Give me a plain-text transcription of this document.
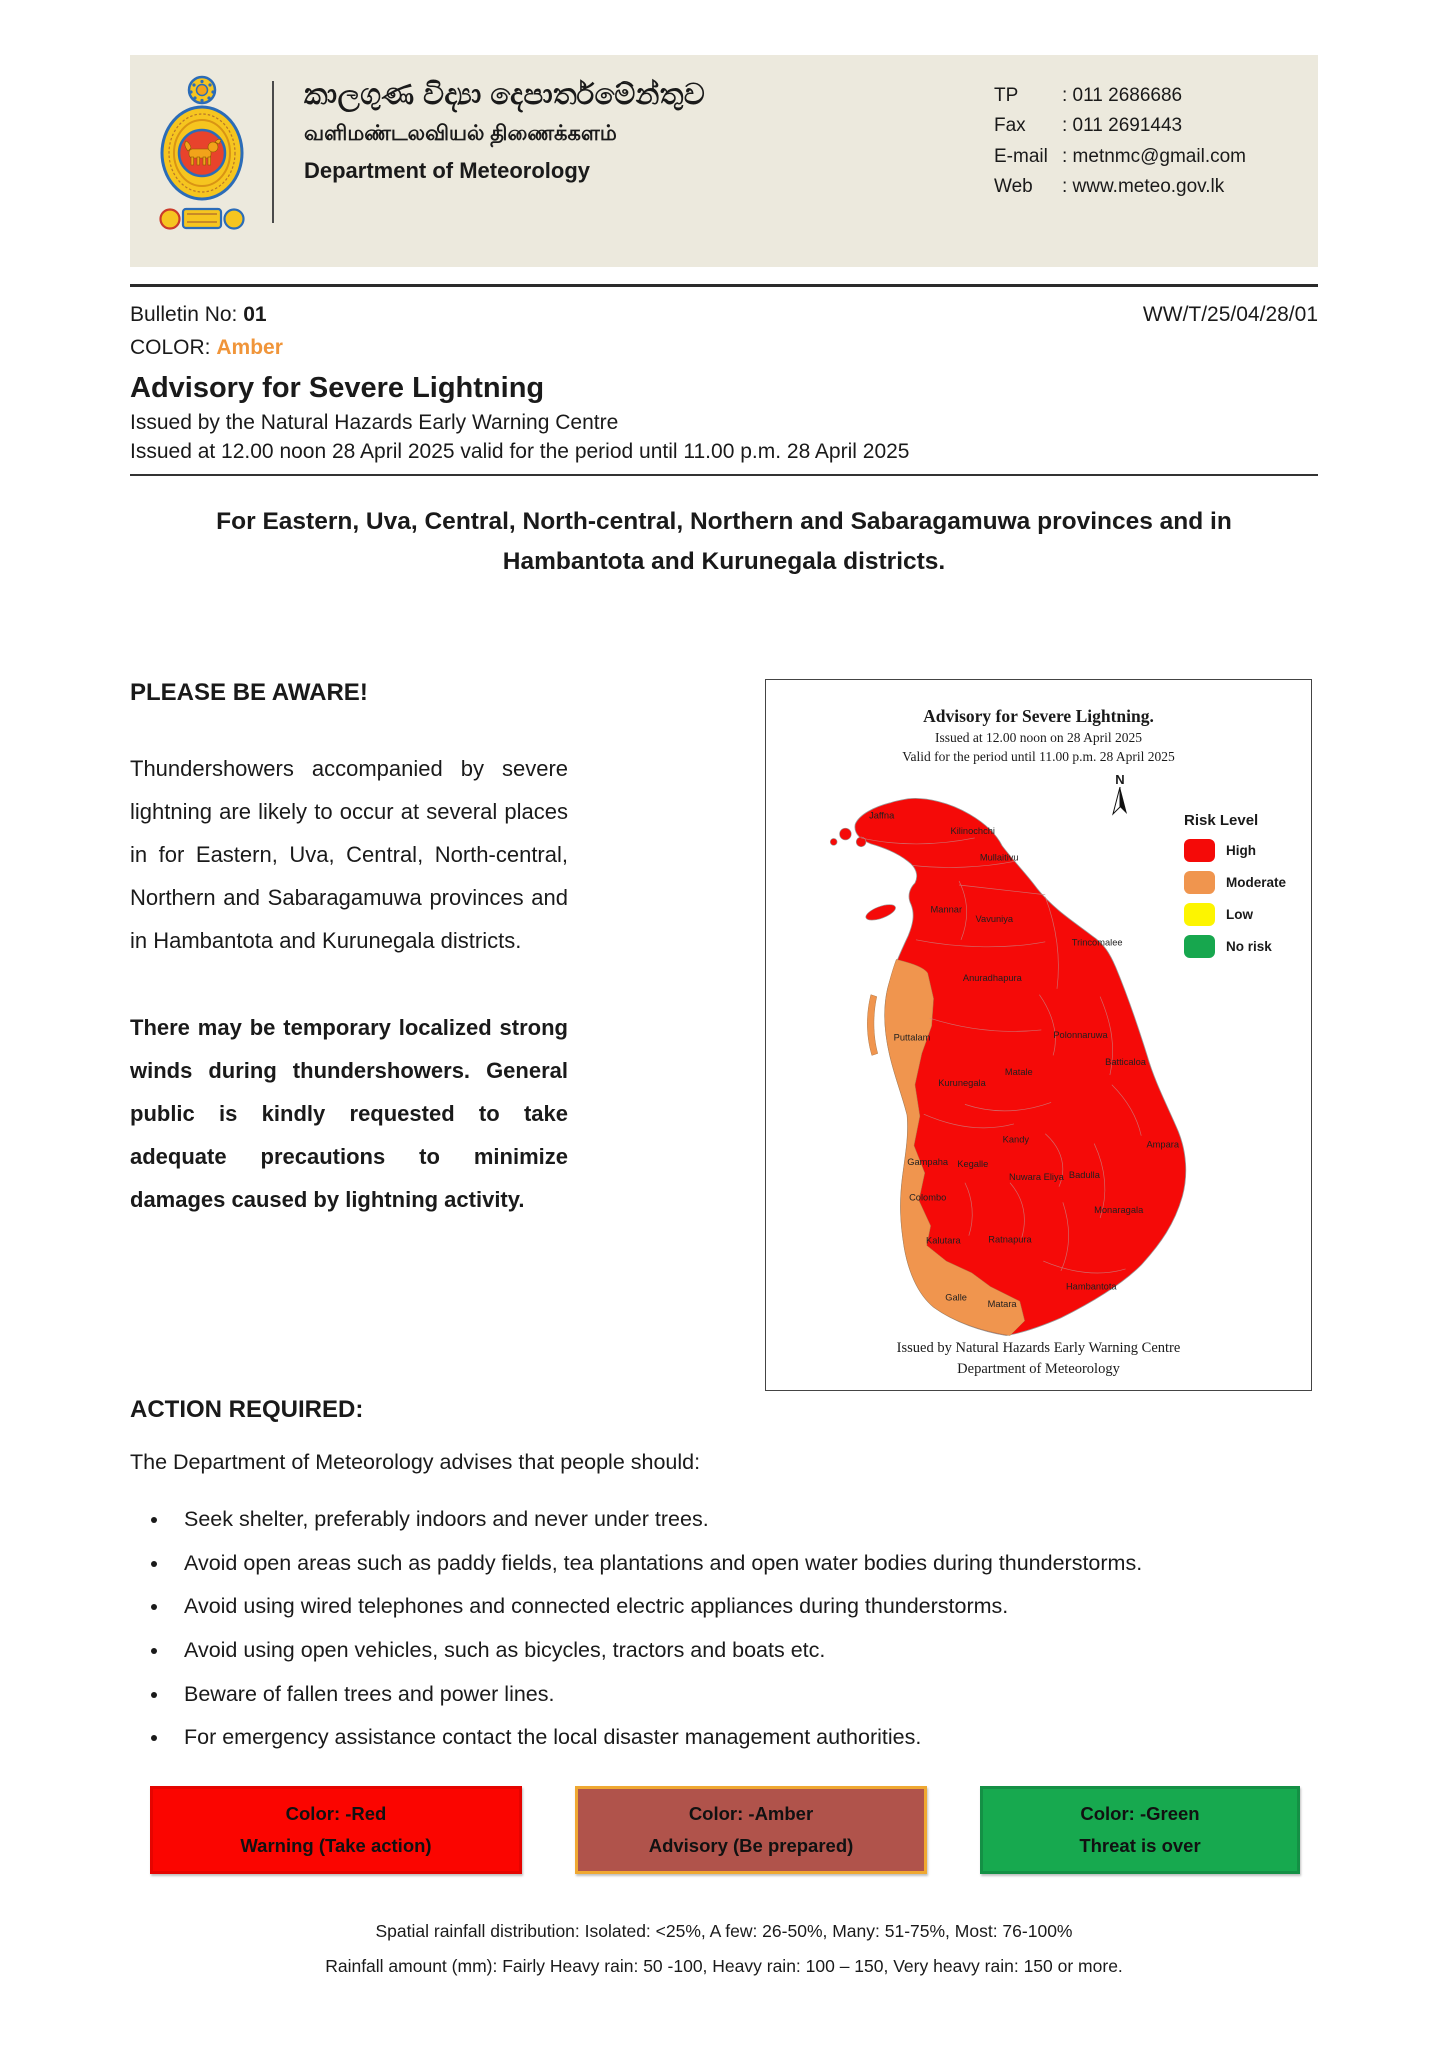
කාලගුණ විද්‍යා දෙපාර්තමේන්තුව
வளிமண்டலவியல் திணைக்களம்
Department of Meteorology
TP	: 011 2686686
Fax	: 011 2691443
E-mail : metnmc@gmail.com
Web	: www.meteo.gov.lk
Bulletin No: 01	WW/T/25/04/28/01
COLOR: Amber
Advisory for Severe Lightning
Issued by the Natural Hazards Early Warning Centre
Issued at 12.00 noon 28 April 2025 valid for the period until 11.00 p.m. 28 April 2025
For Eastern, Uva, Central, North-central, Northern and Sabaragamuwa provinces and in Hambantota and Kurunegala districts.
PLEASE BE AWARE!

Thundershowers accompanied by severe lightning are likely to occur at several places in for Eastern, Uva, Central, North-central, Northern and Sabaragamuwa provinces and in Hambantota and Kurunegala districts.

There may be temporary localized strong winds during thundershowers. General public is kindly requested to take adequate precautions to minimize damages caused by lightning activity.

Advisory for Severe Lightning.
Issued at 12.00 noon on 28 April 2025
Valid for the period until 11.00 p.m. 28 April 2025
N
Risk Level
High
Moderate
Low
No risk
Jaffna
Kilinochchi
Mullaitivu
Mannar
Vavuniya
Trincomalee
Anuradhapura
Polonnaruwa
Puttalam
Batticaloa
Matale
Kurunegala
Ampara
Kandy
Kegalle
Gampaha
Nuwara Eliya Badulla
Colombo
Monaragala
Kalutara	Ratnapura
Galle
Matara
Hambantota
Issued by Natural Hazards Early Warning Centre
Department of Meteorology
ACTION REQUIRED:

The Department of Meteorology advises that people should:

• Seek shelter, preferably indoors and never under trees.
• Avoid open areas such as paddy fields, tea plantations and open water bodies during thunderstorms.
• Avoid using wired telephones and connected electric appliances during thunderstorms.
• Avoid using open vehicles, such as bicycles, tractors and boats etc.
• Beware of fallen trees and power lines.
• For emergency assistance contact the local disaster management authorities.
Color: -Red
Warning (Take action)
Color: -Amber
Advisory (Be prepared)
Color: -Green
Threat is over
Spatial rainfall distribution: Isolated: <25%, A few: 26-50%, Many: 51-75%, Most: 76-100%
Rainfall amount (mm): Fairly Heavy rain: 50 -100, Heavy rain: 100 – 150, Very heavy rain: 150 or more.
